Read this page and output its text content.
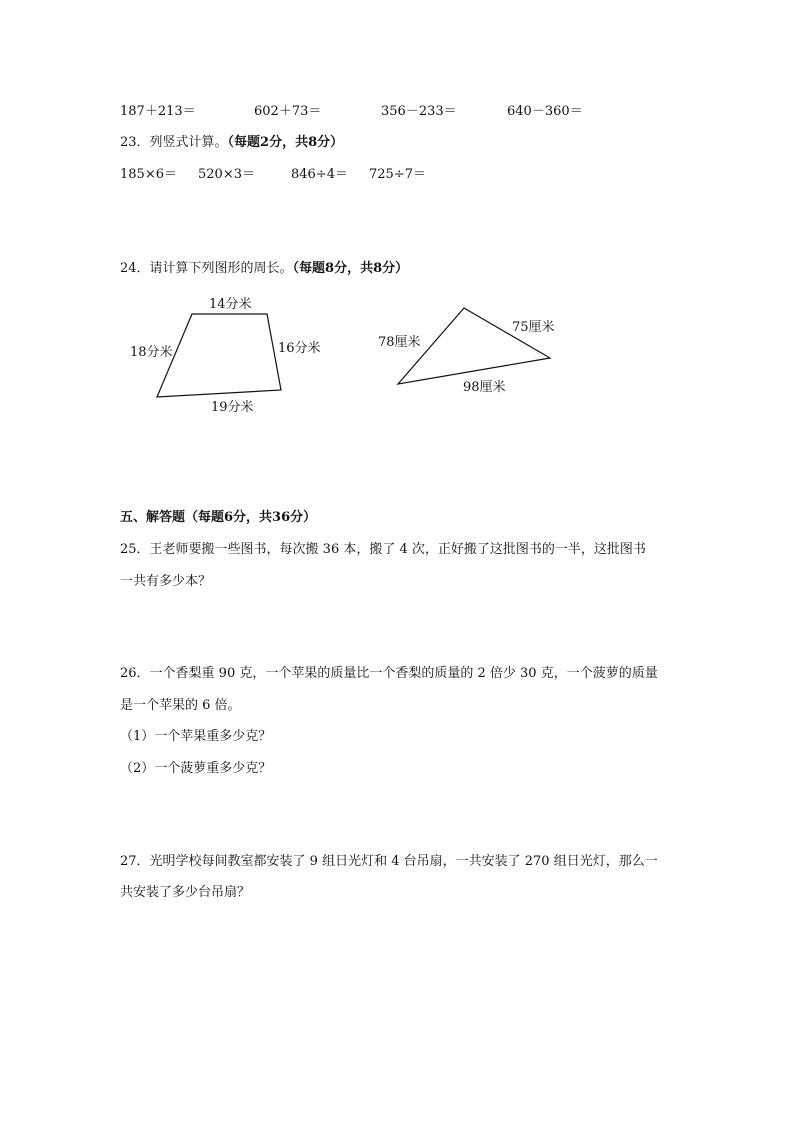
187＋213＝	602＋73＝	356－233＝	640－360＝
23．列竖式计算。（每题2分，共8分）
185×6＝ 520×3＝	846÷4＝ 725÷7＝
24．请计算下列图形的周长。（每题8分，共8分）
14分米
18分米	16分米
19分米
78厘米
75厘米
98厘米
五、解答题（每题6分，共36分）
25．王老师要搬一些图书，每次搬 36 本，搬了 4 次，正好搬了这批图书的一半，这批图书
一共有多少本？
26．一个香梨重 90 克，一个苹果的质量比一个香梨的质量的 2 倍少 30 克，一个菠萝的质量
是一个苹果的 6 倍。
（1）一个苹果重多少克？
（2）一个菠萝重多少克？
27．光明学校每间教室都安装了 9 组日光灯和 4 台吊扇，一共安装了 270 组日光灯，那么一
共安装了多少台吊扇？
